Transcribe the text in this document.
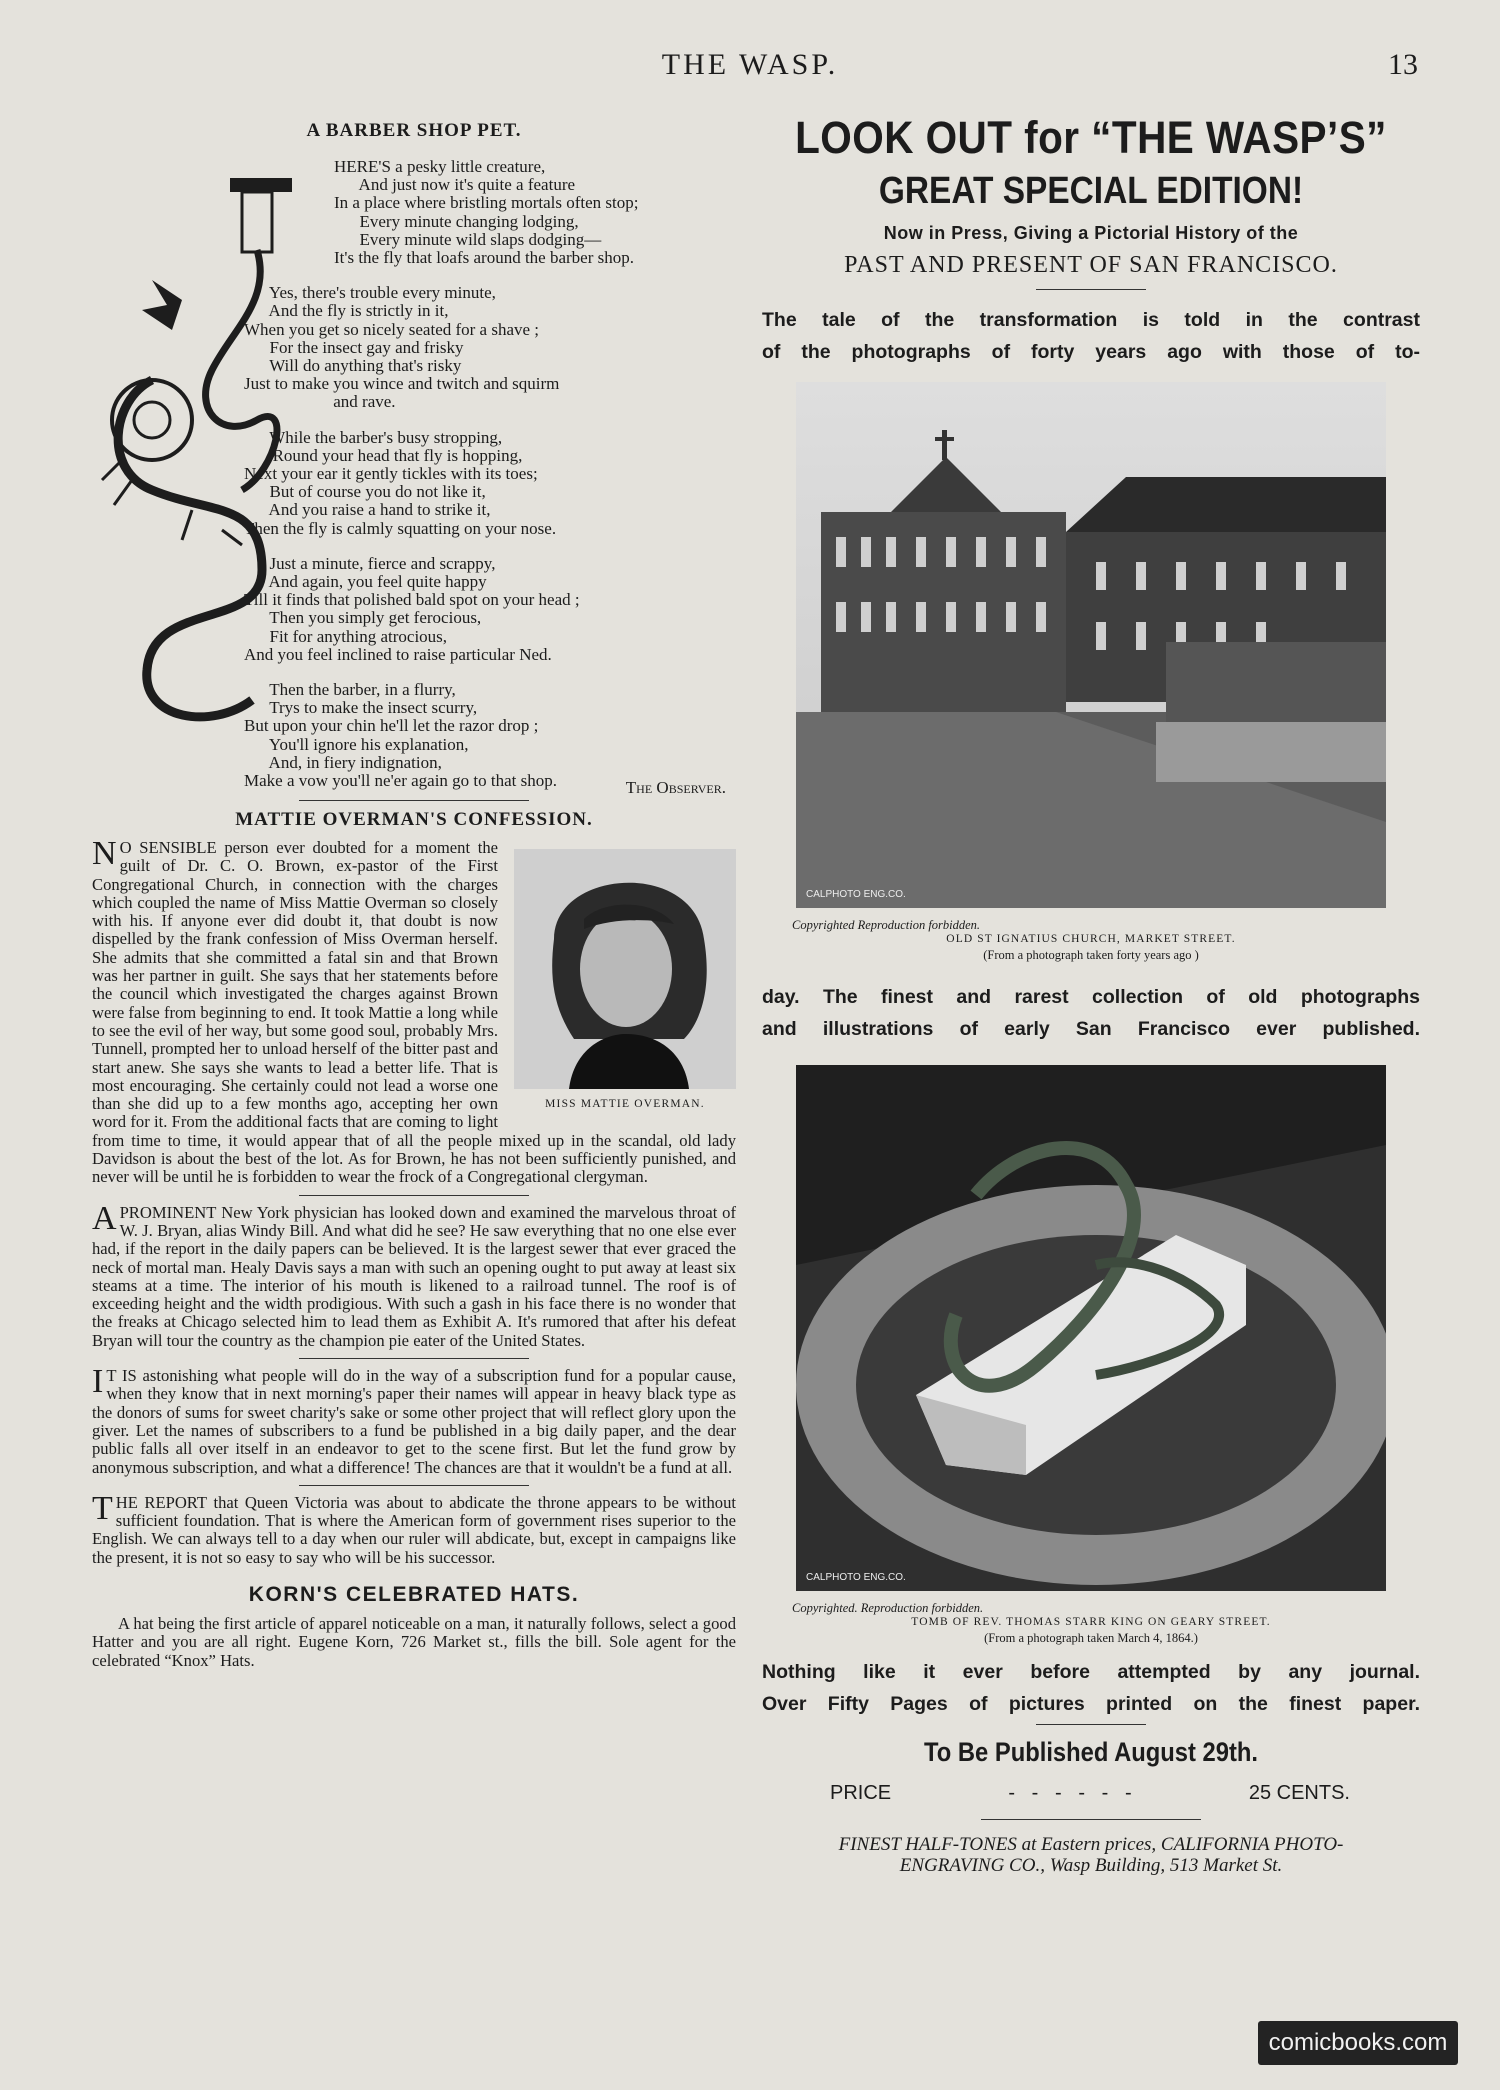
THE WASP.	13
A BARBER SHOP PET.
HERE'S a pesky little creature,
And just now it's quite a feature
In a place where bristling mortals often stop;
Every minute changing lodging,
Every minute wild slaps dodging—
It's the fly that loafs around the barber shop.
Yes, there's trouble every minute,
And the fly is strictly in it,
When you get so nicely seated for a shave ;
For the insect gay and frisky
Will do anything that's risky
Just to make you wince and twitch and squirm
and rave.
While the barber's busy stropping,
'Round your head that fly is hopping,
Next your ear it gently tickles with its toes;
But of course you do not like it,
And you raise a hand to strike it,
Then the fly is calmly squatting on your nose.
Just a minute, fierce and scrappy,
And again, you feel quite happy
Till it finds that polished bald spot on your head ;
Then you simply get ferocious,
Fit for anything atrocious,
And you feel inclined to raise particular Ned.
Then the barber, in a flurry,
Trys to make the insect scurry,
But upon your chin he'll let the razor drop ;
You'll ignore his explanation,
And, in fiery indignation,
Make a vow you'll ne'er again go to that shop.	The Observer.
MATTIE OVERMAN'S CONFESSION.

MISS MATTIE OVERMAN.
N O SENSIBLE person ever doubted for a moment the guilt of Dr. C. O. Brown, ex-pastor of the First Congregational Church, in connection with the charges which coupled the name of Miss Mattie Overman so closely with his. If anyone ever did doubt it, that doubt is now dispelled by the frank confession of Miss Overman herself. She admits that she committed a fatal sin and that Brown was her partner in guilt. She says that her statements before the council which investigated the charges against Brown were false from beginning to end. It took Mattie a long while to see the evil of her way, but some good soul, probably Mrs. Tunnell, prompted her to unload herself of the bitter past and start anew. She says she wants to lead a better life. That is most encouraging. She certainly could not lead a worse one than she did up to a few months ago, accepting her own word for it. From the additional facts that are coming to light from time to time, it would appear that of all the people mixed up in the scandal, old lady Davidson is about the best of the lot. As for Brown, he has not been sufficiently punished, and never will be until he is forbidden to wear the frock of a Congregational clergyman.

A PROMINENT New York physician has looked down and examined the marvelous throat of W. J. Bryan, alias Windy Bill. And what did he see? He saw everything that no one else ever had, if the report in the daily papers can be believed. It is the largest sewer that ever graced the neck of mortal man. Healy Davis says a man with such an opening ought to put away at least six steams at a time. The interior of his mouth is likened to a railroad tunnel. The roof is of exceeding height and the width prodigious. With such a gash in his face there is no wonder that the freaks at Chicago selected him to lead them as Exhibit A. It's rumored that after his defeat Bryan will tour the country as the champion pie eater of the United States.

I T IS astonishing what people will do in the way of a subscription fund for a popular cause, when they know that in next morning's paper their names will appear in heavy black type as the donors of sums for sweet charity's sake or some other project that will reflect glory upon the giver. Let the names of subscribers to a fund be published in a big daily paper, and the dear public falls all over itself in an endeavor to get to the scene first. But let the fund grow by anonymous subscription, and what a difference! The chances are that it wouldn't be a fund at all.

THE REPORT that Queen Victoria was about to abdicate the throne appears to be without sufficient foundation. That is where the American form of government rises superior to the English. We can always tell to a day when our ruler will abdicate, but, except in campaigns like the present, it is not so easy to say who will be his successor.

KORN'S CELEBRATED HATS.

A hat being the first article of apparel noticeable on a man, it naturally follows, select a good Hatter and you are all right. Eugene Korn, 726 Market st., fills the bill. Sole agent for the celebrated “Knox” Hats.

LOOK OUT for “THE WASP’S”
GREAT SPECIAL EDITION!
Now in Press, Giving a Pictorial History of the
PAST AND PRESENT OF SAN FRANCISCO.

The tale of the transformation is told in the contrast

of the photographs of forty years ago with those of to-

CALPHOTO ENG.CO.
Copyrighted Reproduction forbidden.
OLD ST IGNATIUS CHURCH, MARKET STREET.
(From a photograph taken forty years ago )

day. The finest and rarest collection of old photographs

and illustrations of early San Francisco ever published.

CALPHOTO ENG.CO.
Copyrighted. Reproduction forbidden.
TOMB OF REV. THOMAS STARR KING ON GEARY STREET.
(From a photograph taken March 4, 1864.)

Nothing like it ever before attempted by any journal.

Over Fifty Pages of pictures printed on the finest paper.

To Be Published August 29th.
PRICE	-   -   -   -   -   -	25 CENTS.

FINEST HALF-TONES at Eastern prices, CALIFORNIA PHOTO-

ENGRAVING CO., Wasp Building, 513 Market St.

comicbooks.com
